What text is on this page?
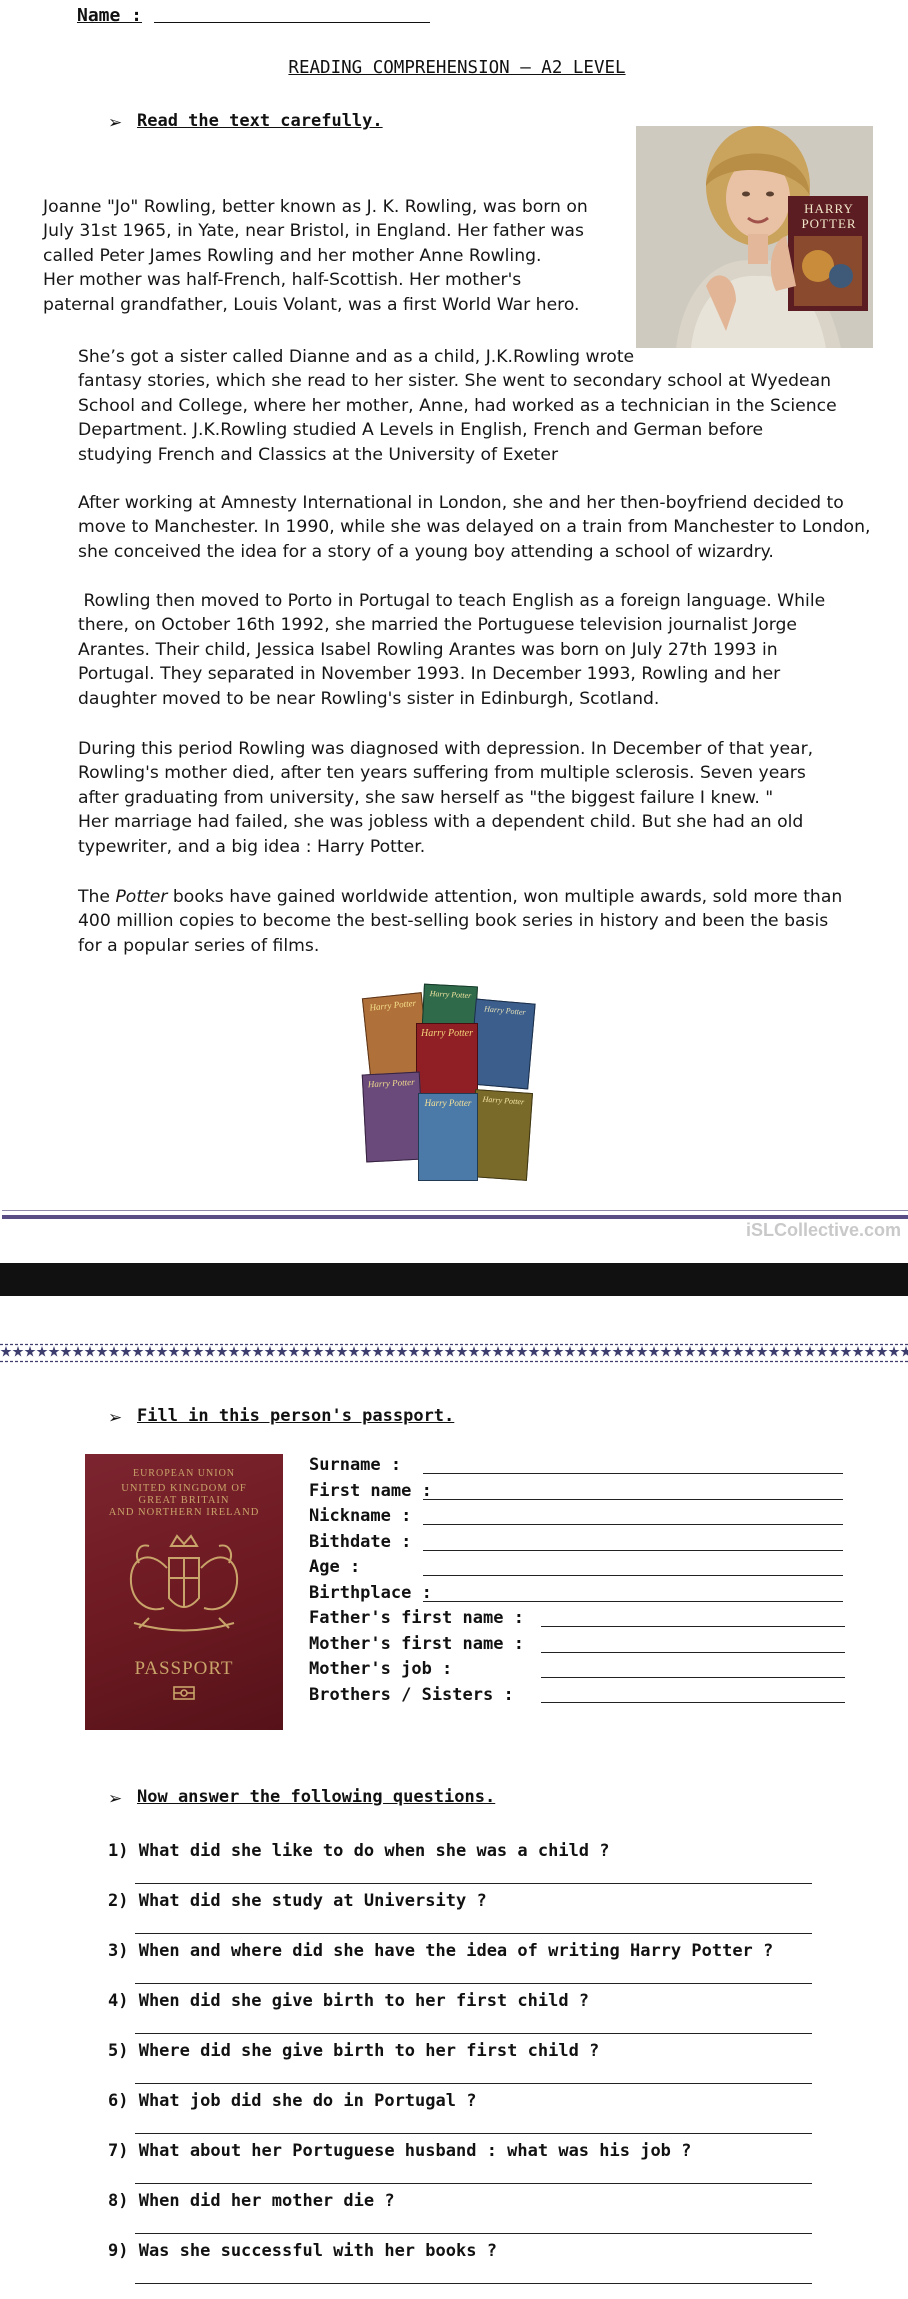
Name :
READING COMPREHENSION – A2 LEVEL
➢ Read the text carefully.
HARRY
POTTER

Joanne "Jo" Rowling, better known as J. K. Rowling, was born on

July 31st 1965, in Yate, near Bristol, in England. Her father was

called Peter James Rowling and her mother Anne Rowling.

Her mother was half-French, half-Scottish. Her mother's

paternal grandfather, Louis Volant, was a first World War hero.

She’s got a sister called Dianne and as a child, J.K.Rowling wrote

fantasy stories, which she read to her sister. She went to secondary school at Wyedean

School and College, where her mother, Anne, had worked as a technician in the Science

Department. J.K.Rowling studied A Levels in English, French and German before

studying French and Classics at the University of Exeter

After working at Amnesty International in London, she and her then-boyfriend decided to

move to Manchester. In 1990, while she was delayed on a train from Manchester to London,

she conceived the idea for a story of a young boy attending a school of wizardry.

Rowling then moved to Porto in Portugal to teach English as a foreign language. While

there, on October 16th 1992, she married the Portuguese television journalist Jorge

Arantes. Their child, Jessica Isabel Rowling Arantes was born on July 27th 1993 in

Portugal. They separated in November 1993. In December 1993, Rowling and her

daughter moved to be near Rowling's sister in Edinburgh, Scotland.

During this period Rowling was diagnosed with depression. In December of that year,

Rowling's mother died, after ten years suffering from multiple sclerosis. Seven years

after graduating from university, she saw herself as "the biggest failure I knew. "

Her marriage had failed, she was jobless with a dependent child. But she had an old

typewriter, and a big idea : Harry Potter.

The Potter books have gained worldwide attention, won multiple awards, sold more than

400 million copies to become the best-selling book series in history and been the basis

for a popular series of films.

Harry Potter
Harry Potter
Harry Potter
Harry Potter
Harry Potter
Harry Potter
Harry Potter
iSLCollective.com
➢ Fill in this person's passport.
EUROPEAN UNION
UNITED KINGDOM OF
GREAT BRITAIN
AND NORTHERN IRELAND
PASSPORT
Surname :
First name :
Nickname :
Bithdate :
Age :
Birthplace :
Father's first name :
Mother's first name :
Mother's job :
Brothers / Sisters :
➢ Now answer the following questions.
1) What did she like to do when she was a child ?
2) What did she study at University ?
3) When and where did she have the idea of writing Harry Potter ?
4) When did she give birth to her first child ?
5) Where did she give birth to her first child ?
6) What job did she do in Portugal ?
7) What about her Portuguese husband : what was his job ?
8) When did her mother die ?
9) Was she successful with her books ?
